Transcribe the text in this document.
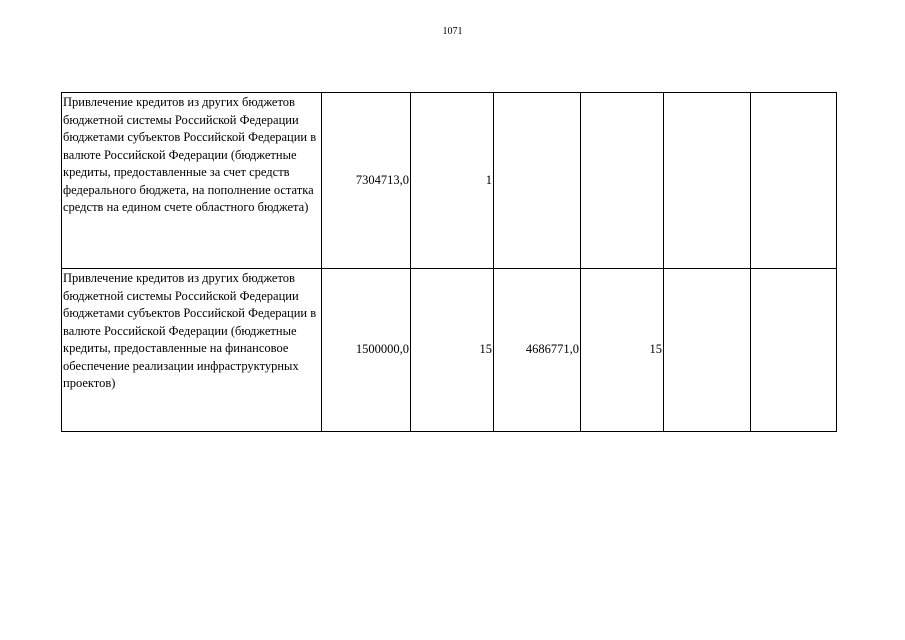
1071
Привлечение кредитов из других бюджетов бюджетной системы Российской Федерации бюджетами субъектов Российской Федерации в валюте Российской Федерации (бюджетные кредиты, предоставленные за счет средств федерального бюджета, на пополнение остатка средств на едином счете областного бюджета)	7304713,0	1				
Привлечение кредитов из других бюджетов бюджетной системы Российской Федерации бюджетами субъектов Российской Федерации в валюте Российской Федерации (бюджетные кредиты, предоставленные на финансовое обеспечение реализации инфраструктурных проектов)	1500000,0	15	4686771,0	15		
